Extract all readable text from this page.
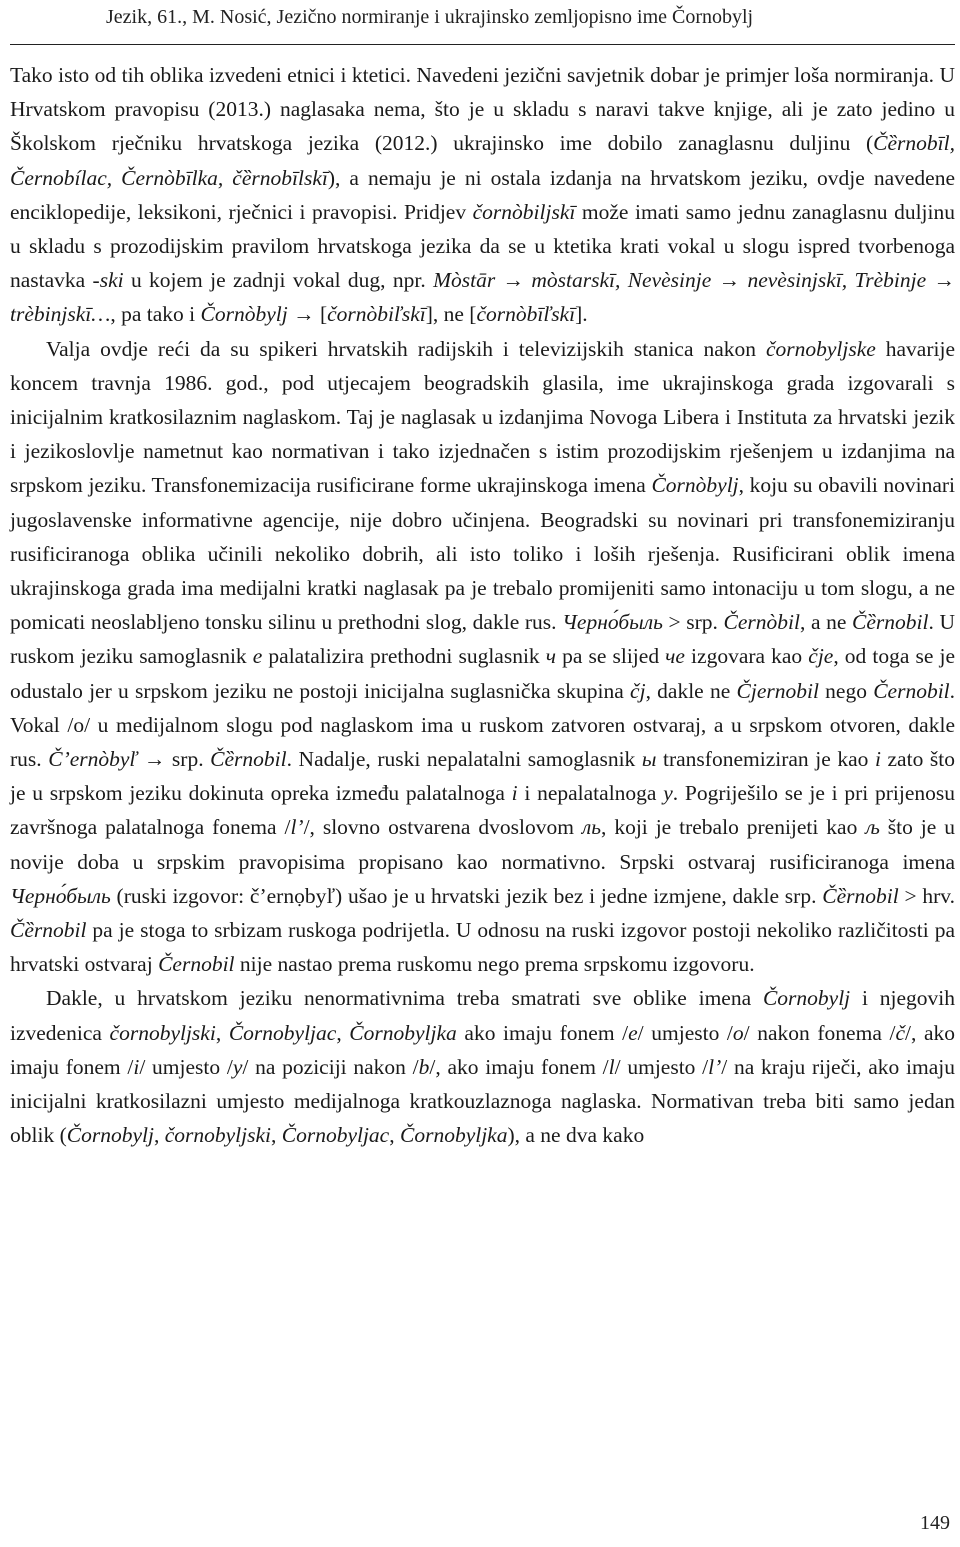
Jezik, 61., M. Nosić, Jezično normiranje i ukrajinsko zemljopisno ime Čornobylj

Tako isto od tih oblika izvedeni etnici i ktetici. Navedeni jezični savjetnik dobar je primjer loša normiranja. U Hrvatskom pravopisu (2013.) naglasaka nema, što je u skladu s naravi takve knjige, ali je zato jedino u Školskom rječniku hrvatskoga jezika (2012.) ukrajinsko ime dobilo zanaglasnu duljinu (Čȅrnobīl, Černobílac, Černòbīlka, čȅrnobīlskī), a nemaju je ni ostala izdanja na hrvatskom jeziku, ovdje navedene enciklopedije, leksikoni, rječnici i pravopisi. Pridjev čornòbiljskī može imati samo jednu zanaglasnu duljinu u skladu s prozodijskim pravilom hrvatskoga jezika da se u ktetika krati vokal u slogu ispred tvorbenoga nastavka -ski u kojem je zadnji vokal dug, npr. Mòstār → mòstarskī, Nevèsinje → nevèsinjskī, Trèbinje → trèbinjskī…, pa tako i Čornòbylj → [čornòbiľskī], ne [čornòbīľskī].

Valja ovdje reći da su spikeri hrvatskih radijskih i televizijskih stanica nakon čornobyljske havarije koncem travnja 1986. god., pod utjecajem beogradskih glasila, ime ukrajinskoga grada izgovarali s inicijalnim kratkosilaznim naglaskom. Taj je naglasak u izdanjima Novoga Libera i Instituta za hrvatski jezik i jezikoslovlje nametnut kao normativan i tako izjednačen s istim prozodijskim rješenjem u izdanjima na srpskom jeziku. Transfonemizacija rusificirane forme ukrajinskoga imena Čornòbylj, koju su obavili novinari jugoslavenske informativne agencije, nije dobro učinjena. Beogradski su novinari pri transfonemiziranju rusificiranoga oblika učinili nekoliko dobrih, ali isto toliko i loših rješenja. Rusificirani oblik imena ukrajinskoga grada ima medijalni kratki naglasak pa je trebalo promijeniti samo intonaciju u tom slogu, a ne pomicati neoslabljeno tonsku silinu u prethodni slog, dakle rus. Черно́быль > srp. Černòbil, a ne Čȅrnobil. U ruskom jeziku samoglasnik е palatalizira prethodni suglasnik ч pa se slijed че izgovara kao čje, od toga se je odustalo jer u srpskom jeziku ne postoji inicijalna suglasnička skupina čj, dakle ne Čjernobil nego Černobil. Vokal /o/ u medijalnom slogu pod naglaskom ima u ruskom zatvoren ostvaraj, a u srpskom otvoren, dakle rus. Č’ernòbyľ → srp. Čȅrnobil. Nadalje, ruski nepalatalni samoglasnik ы transfonemiziran je kao i zato što je u srpskom jeziku dokinuta opreka između palatalnoga i i nepalatalnoga y. Pogriješilo se je i pri prijenosu završnoga palatalnoga fonema /l’/, slovno ostvarena dvoslovom ль, koji je trebalo prenijeti kao љ što je u novije doba u srpskim pravopisima propisano kao normativno. Srpski ostvaraj rusificiranoga imena Черно́быль (ruski izgovor: č’ernọbyľ) ušao je u hrvatski jezik bez i jedne izmjene, dakle srp. Čȅrnobil > hrv. Čȅrnobil pa je stoga to srbizam ruskoga podrijetla. U odnosu na ruski izgovor postoji nekoliko različitosti pa hrvatski ostvaraj Černobil nije nastao prema ruskomu nego prema srpskomu izgovoru.

Dakle, u hrvatskom jeziku nenormativnima treba smatrati sve oblike imena Čornobylj i njegovih izvedenica čornobyljski, Čornobyljac, Čornobyljka ako imaju fonem /e/ umjesto /o/ nakon fonema /č/, ako imaju fonem /i/ umjesto /y/ na poziciji nakon /b/, ako imaju fonem /l/ umjesto /l’/ na kraju riječi, ako imaju inicijalni kratkosilazni umjesto medijalnoga kratkouzlaznoga naglaska. Normativan treba biti samo jedan oblik (Čornobylj, čornobyljski, Čornobyljac, Čornobyljka), a ne dva kako

149
